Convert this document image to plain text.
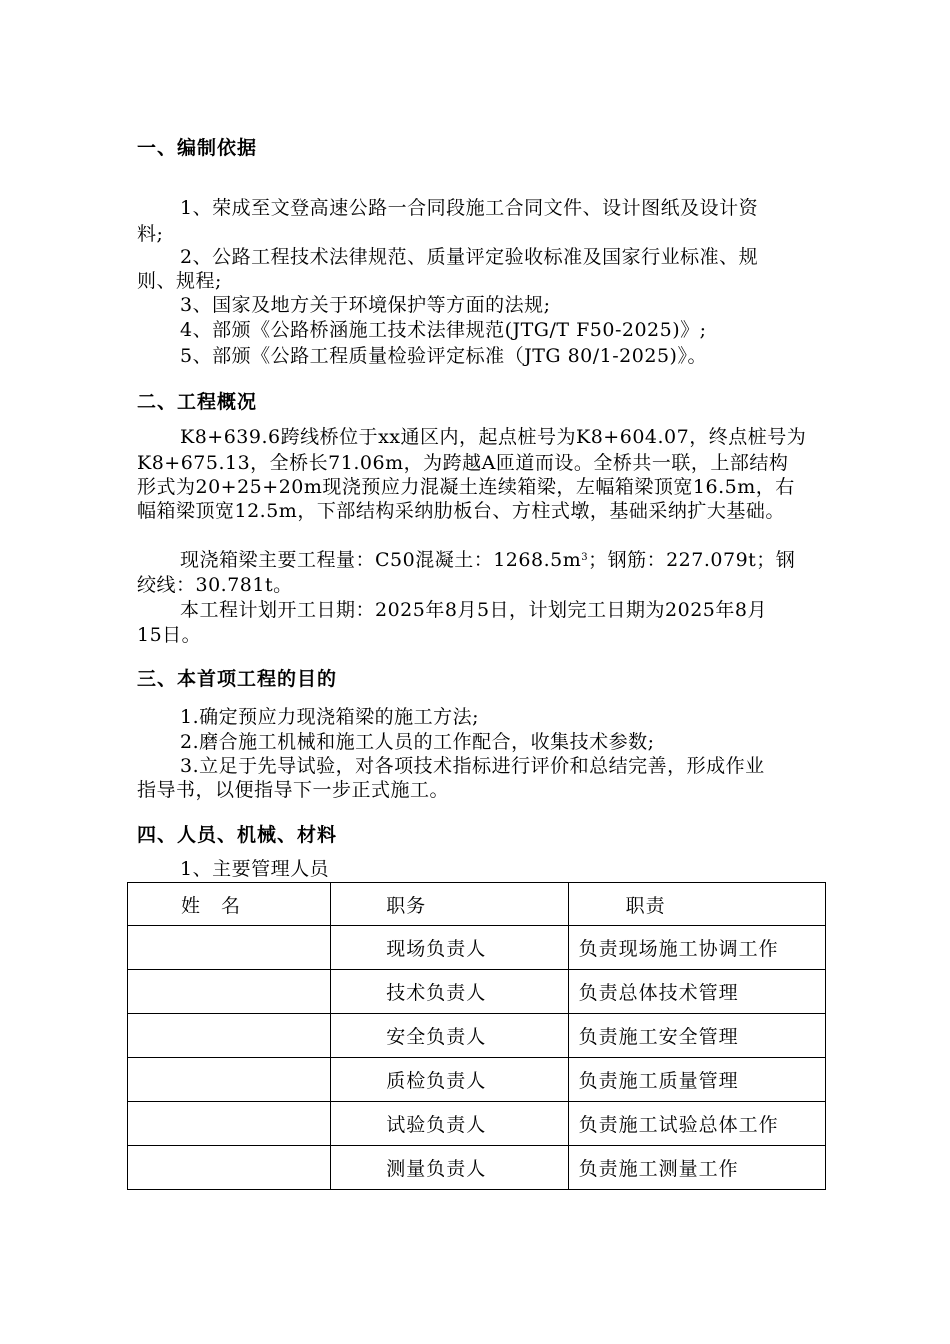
一、编制依据
1、荣成至文登高速公路一合同段施工合同文件、设计图纸及设计资
料;
2、公路工程技术法律规范、质量评定验收标准及国家行业标准、规
则、规程;
3、国家及地方关于环境保护等方面的法规;
4、部颁《公路桥涵施工技术法律规范(JTG/T F50-2025)》;
5、部颁《公路工程质量检验评定标准（JTG 80/1-2025)》。
二、工程概况
K8+639.6跨线桥位于xx通区内，起点桩号为K8+604.07，终点桩号为
K8+675.13，全桥长71.06m，为跨越A匝道而设。全桥共一联，上部结构
形式为20+25+20m现浇预应力混凝土连续箱梁，左幅箱梁顶宽16.5m，右
幅箱梁顶宽12.5m，下部结构采纳肋板台、方柱式墩，基础采纳扩大基础。
现浇箱梁主要工程量：C50混凝土：$1268.5m^3$；钢筋：227.079t；钢
绞线：30.781t。
本工程计划开工日期：2025年8月5日，计划完工日期为2025年8月
15日。
三、本首项工程的目的
1.确定预应力现浇箱梁的施工方法;
2.磨合施工机械和施工人员的工作配合，收集技术参数;
3.立足于先导试验，对各项技术指标进行评价和总结完善，形成作业
指导书，以便指导下一步正式施工。
四、人员、机械、材料
1、主要管理人员
姓　名	职务	职责
	现场负责人	负责现场施工协调工作
	技术负责人	负责总体技术管理
	安全负责人	负责施工安全管理
	质检负责人	负责施工质量管理
	试验负责人	负责施工试验总体工作
	测量负责人	负责施工测量工作
